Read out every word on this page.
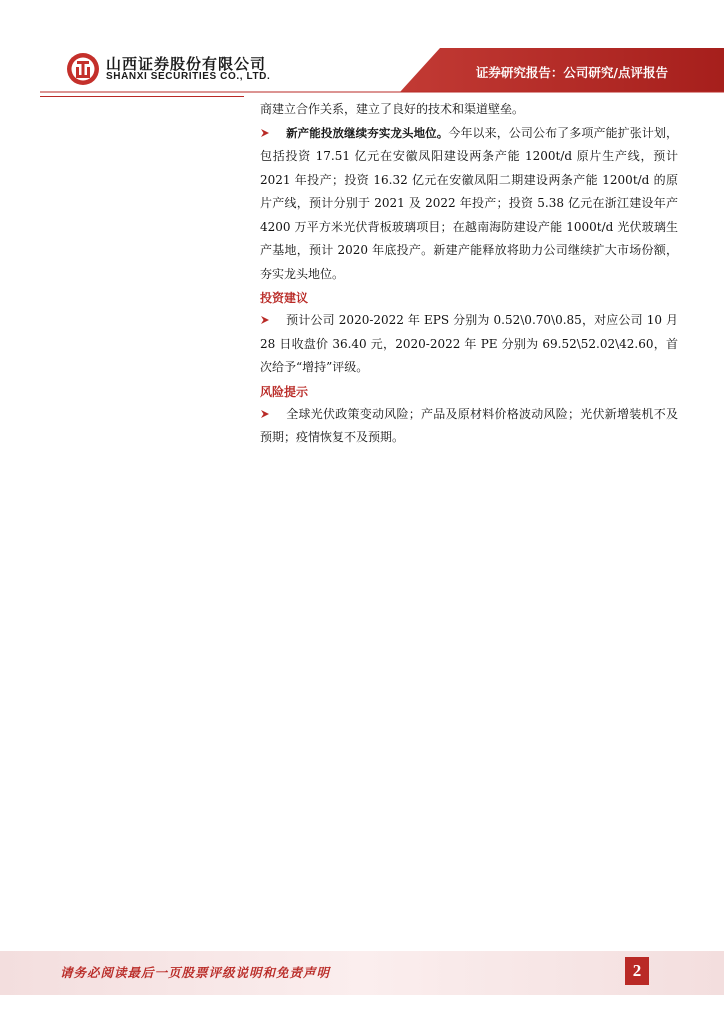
山西证券股份有限公司
SHANXI SECURITIES CO., LTD.	证券研究报告：公司研究/点评报告

商建立合作关系，建立了良好的技术和渠道壁垒。

新产能投放继续夯实龙头地位。今年以来，公司公布了多项产能扩张计划，包括投资 17.51 亿元在安徽凤阳建设两条产能 1200t/d 原片生产线，预计 2021 年投产；投资 16.32 亿元在安徽凤阳二期建设两条产能 1200t/d 的原片产线，预计分别于 2021 及 2022 年投产；投资 5.38 亿元在浙江建设年产 4200 万平方米光伏背板玻璃项目；在越南海防建设产能 1000t/d 光伏玻璃生产基地，预计 2020 年底投产。新建产能释放将助力公司继续扩大市场份额，夯实龙头地位。

投资建议

预计公司 2020-2022 年 EPS 分别为 0.52\0.70\0.85，对应公司 10 月 28 日收盘价 36.40 元，2020-2022 年 PE 分别为 69.52\52.02\42.60，首次给予“增持”评级。

风险提示

全球光伏政策变动风险；产品及原材料价格波动风险；光伏新增装机不及预期；疫情恢复不及预期。

请务必阅读最后一页股票评级说明和免责声明	2
